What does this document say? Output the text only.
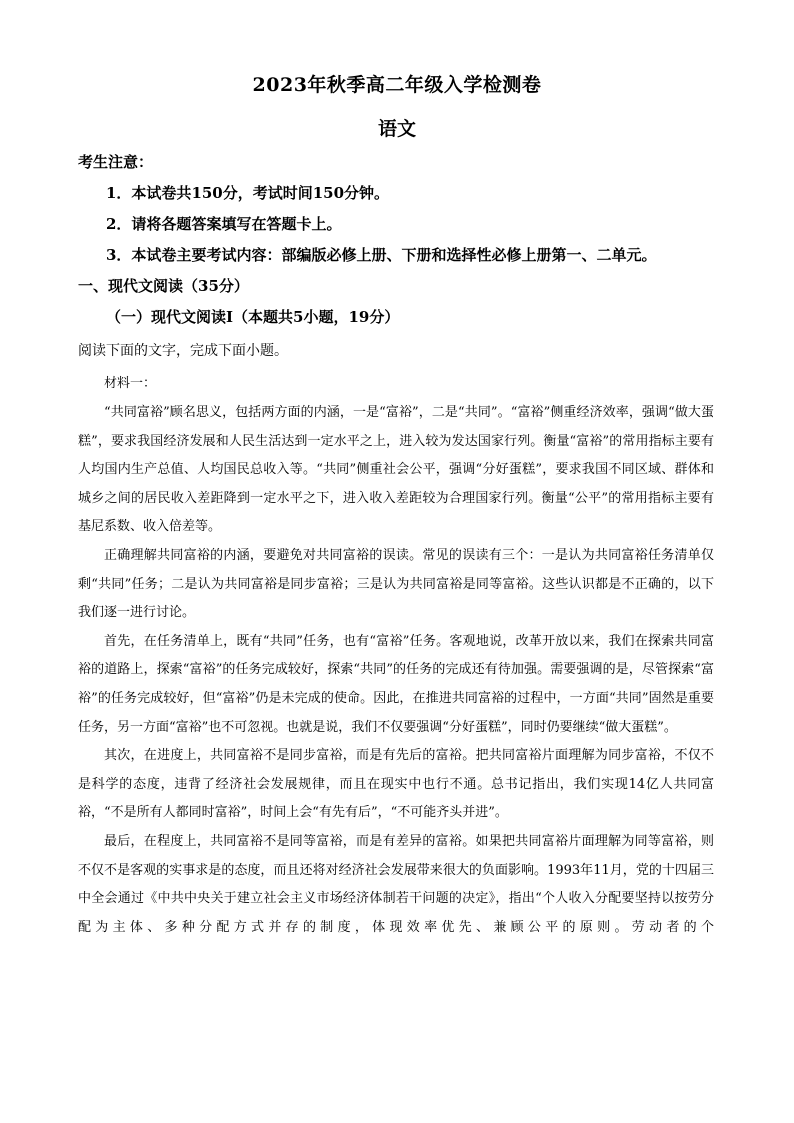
2023年秋季高二年级入学检测卷
语文
考生注意：
1．本试卷共150分，考试时间150分钟。
2．请将各题答案填写在答题卡上。
3．本试卷主要考试内容：部编版必修上册、下册和选择性必修上册第一、二单元。
一、现代文阅读（35分）
（一）现代文阅读Ⅰ（本题共5小题，19分）
阅读下面的文字，完成下面小题。
材料一：

“共同富裕”顾名思义，包括两方面的内涵，一是“富裕”，二是“共同”。“富裕”侧重经济效率，强调“做大蛋糕”，要求我国经济发展和人民生活达到一定水平之上，进入较为发达国家行列。衡量“富裕”的常用指标主要有人均国内生产总值、人均国民总收入等。“共同”侧重社会公平，强调“分好蛋糕”，要求我国不同区域、群体和城乡之间的居民收入差距降到一定水平之下，进入收入差距较为合理国家行列。衡量“公平”的常用指标主要有基尼系数、收入倍差等。

正确理解共同富裕的内涵，要避免对共同富裕的误读。常见的误读有三个：一是认为共同富裕任务清单仅剩“共同”任务；二是认为共同富裕是同步富裕；三是认为共同富裕是同等富裕。这些认识都是不正确的，以下我们逐一进行讨论。

首先，在任务清单上，既有“共同”任务，也有“富裕”任务。客观地说，改革开放以来，我们在探索共同富裕的道路上，探索“富裕”的任务完成较好，探索“共同”的任务的完成还有待加强。需要强调的是，尽管探索“富裕”的任务完成较好，但“富裕”仍是未完成的使命。因此，在推进共同富裕的过程中，一方面“共同”固然是重要任务，另一方面“富裕”也不可忽视。也就是说，我们不仅要强调“分好蛋糕”，同时仍要继续“做大蛋糕”。

其次，在进度上，共同富裕不是同步富裕，而是有先后的富裕。把共同富裕片面理解为同步富裕，不仅不是科学的态度，违背了经济社会发展规律，而且在现实中也行不通。总书记指出，我们实现14亿人共同富裕，“不是所有人都同时富裕”，时间上会“有先有后”，“不可能齐头并进”。

最后，在程度上，共同富裕不是同等富裕，而是有差异的富裕。如果把共同富裕片面理解为同等富裕，则不仅不是客观的实事求是的态度，而且还将对经济社会发展带来很大的负面影响。1993年11月，党的十四届三中全会通过《中共中央关于建立社会主义市场经济体制若干问题的决定》，指出“个人收入分配要坚持以按劳分配为主体、多种分配方式并存的制度，体现效率优先、兼顾公平的原则。劳动者的个
